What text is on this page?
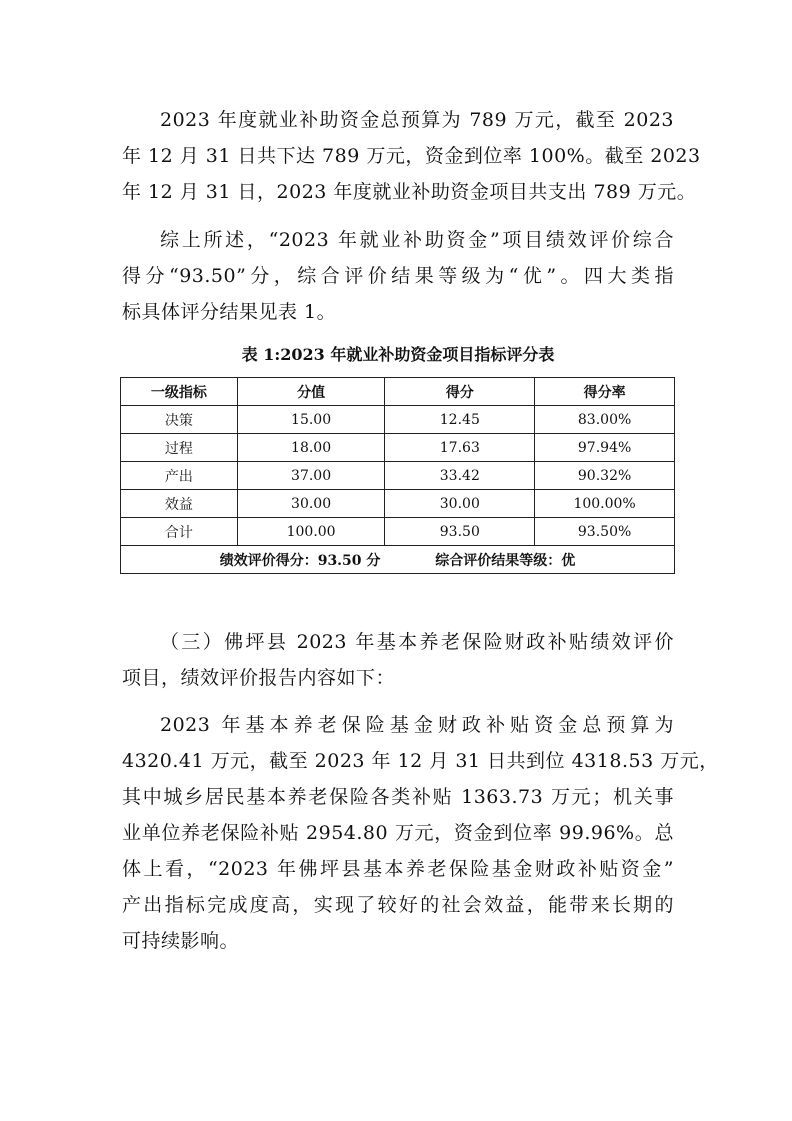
2023 年度就业补助资金总预算为 789 万元，截至 2023
年 12 月 31 日共下达 789 万元，资金到位率 100%。截至 2023
年 12 月 31 日，2023 年度就业补助资金项目共支出 789 万元。

综上所述，“2023 年就业补助资金”项目绩效评价综合
得分“93.50”分，综合评价结果等级为“优”。四大类指
标具体评分结果见表 1。

表 1:2023 年就业补助资金项目指标评分表
一级指标	分值	得分	得分率
决策	15.00	12.45	83.00%
过程	18.00	17.63	97.94%
产出	37.00	33.42	90.32%
效益	30.00	30.00	100.00%
合计	100.00	93.50	93.50%
绩效评价得分：93.50 分 综合评价结果等级：优			

（三）佛坪县 2023 年基本养老保险财政补贴绩效评价
项目，绩效评价报告内容如下：

2023 年基本养老保险基金财政补贴资金总预算为
4320.41 万元，截至 2023 年 12 月 31 日共到位 4318.53 万元，
其中城乡居民基本养老保险各类补贴 1363.73 万元；机关事
业单位养老保险补贴 2954.80 万元，资金到位率 99.96%。总
体上看，“2023 年佛坪县基本养老保险基金财政补贴资金”
产出指标完成度高，实现了较好的社会效益，能带来长期的
可持续影响。
